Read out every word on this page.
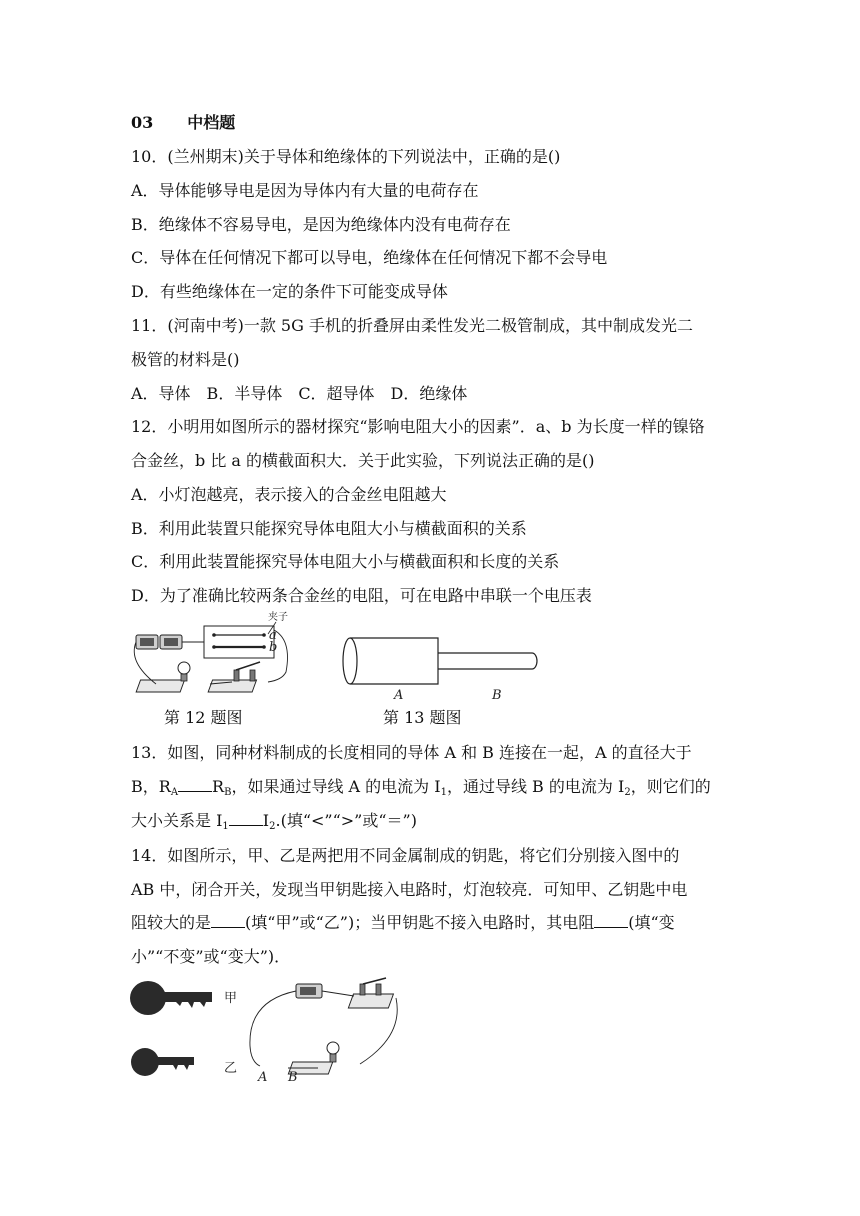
03 中档题
10．(兰州期末)关于导体和绝缘体的下列说法中，正确的是()
A．导体能够导电是因为导体内有大量的电荷存在
B．绝缘体不容易导电，是因为绝缘体内没有电荷存在
C．导体在任何情况下都可以导电，绝缘体在任何情况下都不会导电
D．有些绝缘体在一定的条件下可能变成导体
11．(河南中考)一款 5G 手机的折叠屏由柔性发光二极管制成，其中制成发光二
极管的材料是()
A．导体　B．半导体　C．超导体　D．绝缘体
12．小明用如图所示的器材探究“影响电阻大小的因素”．a、b 为长度一样的镍铬
合金丝，b 比 a 的横截面积大．关于此实验，下列说法正确的是()
A．小灯泡越亮，表示接入的合金丝电阻越大
B．利用此装置只能探究导体电阻大小与横截面积的关系
C．利用此装置能探究导体电阻大小与横截面积和长度的关系
D．为了准确比较两条合金丝的电阻，可在电路中串联一个电压表
夹子
a
b
第 12 题图
A	B
第 13 题图
13．如图，同种材料制成的长度相同的导体 A 和 B 连接在一起，A 的直径大于
B，$R_A$ $R_B$，如果通过导线 A 的电流为 $I_1$，通过导线 B 的电流为 $I_2$，则它们的
大小关系是 $I_1$ $I_2$.(填“<”“>”或“＝”)
14．如图所示，甲、乙是两把用不同金属制成的钥匙，将它们分别接入图中的
AB 中，闭合开关，发现当甲钥匙接入电路时，灯泡较亮．可知甲、乙钥匙中电
阻较大的是 (填“甲”或“乙”)；当甲钥匙不接入电路时，其电阻 (填“变
小”“不变”或“变大”)．
甲
乙
A B
